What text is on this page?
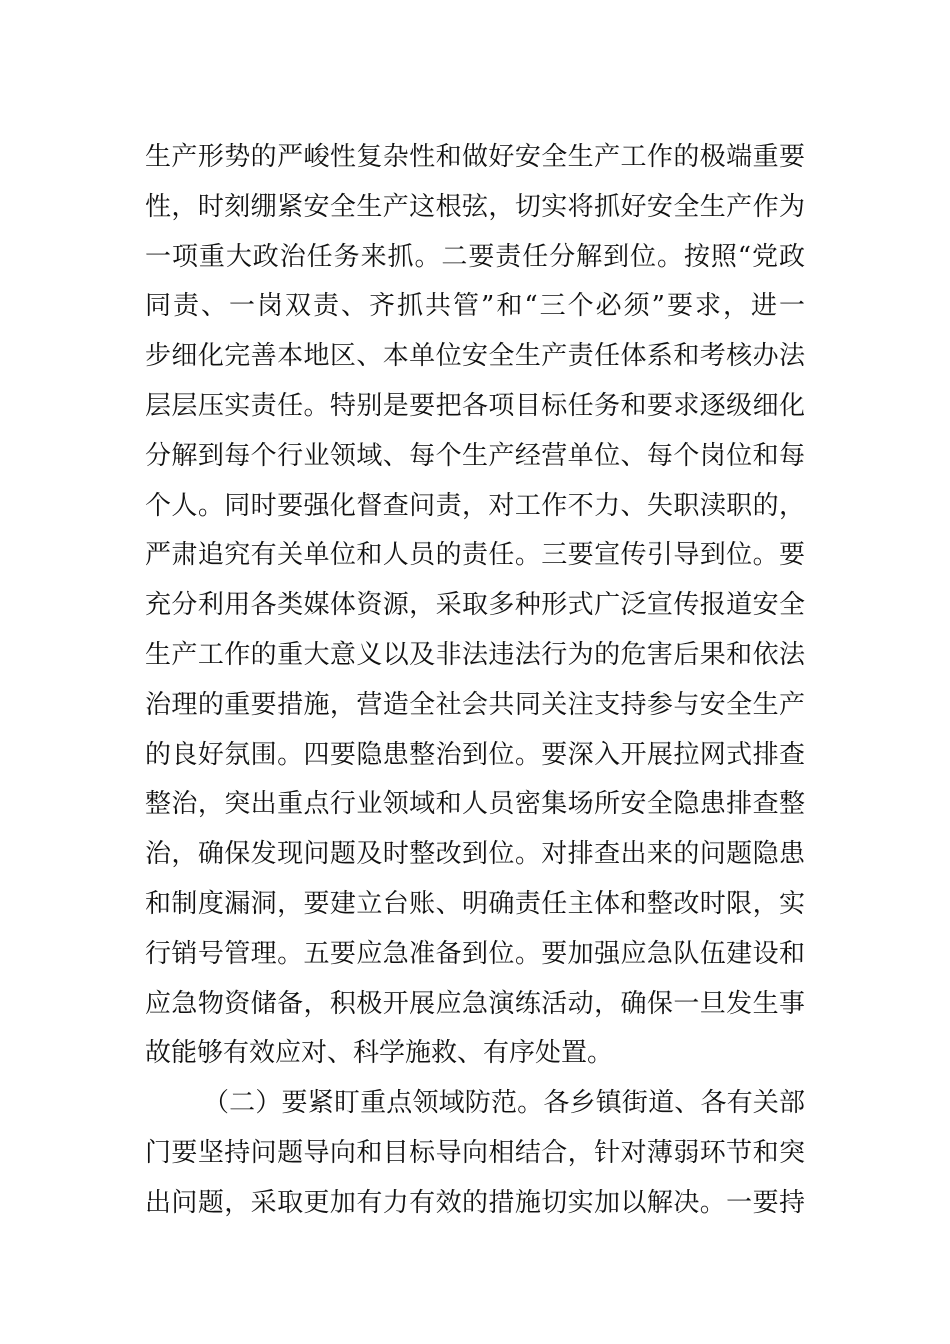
生产形势的严峻性复杂性和做好安全生产工作的极端重要
性，时刻绷紧安全生产这根弦，切实将抓好安全生产作为
一项重大政治任务来抓。二要责任分解到位。按照“党政
同责、一岗双责、齐抓共管”和“三个必须”要求，进一
步细化完善本地区、本单位安全生产责任体系和考核办法
层层压实责任。特别是要把各项目标任务和要求逐级细化
分解到每个行业领域、每个生产经营单位、每个岗位和每
个人。同时要强化督查问责，对工作不力、失职渎职的，
严肃追究有关单位和人员的责任。三要宣传引导到位。要
充分利用各类媒体资源，采取多种形式广泛宣传报道安全
生产工作的重大意义以及非法违法行为的危害后果和依法
治理的重要措施，营造全社会共同关注支持参与安全生产
的良好氛围。四要隐患整治到位。要深入开展拉网式排查
整治，突出重点行业领域和人员密集场所安全隐患排查整
治，确保发现问题及时整改到位。对排查出来的问题隐患
和制度漏洞，要建立台账、明确责任主体和整改时限，实
行销号管理。五要应急准备到位。要加强应急队伍建设和
应急物资储备，积极开展应急演练活动，确保一旦发生事
故能够有效应对、科学施救、有序处置。
（二）要紧盯重点领域防范。各乡镇街道、各有关部
门要坚持问题导向和目标导向相结合，针对薄弱环节和突
出问题，采取更加有力有效的措施切实加以解决。一要持
